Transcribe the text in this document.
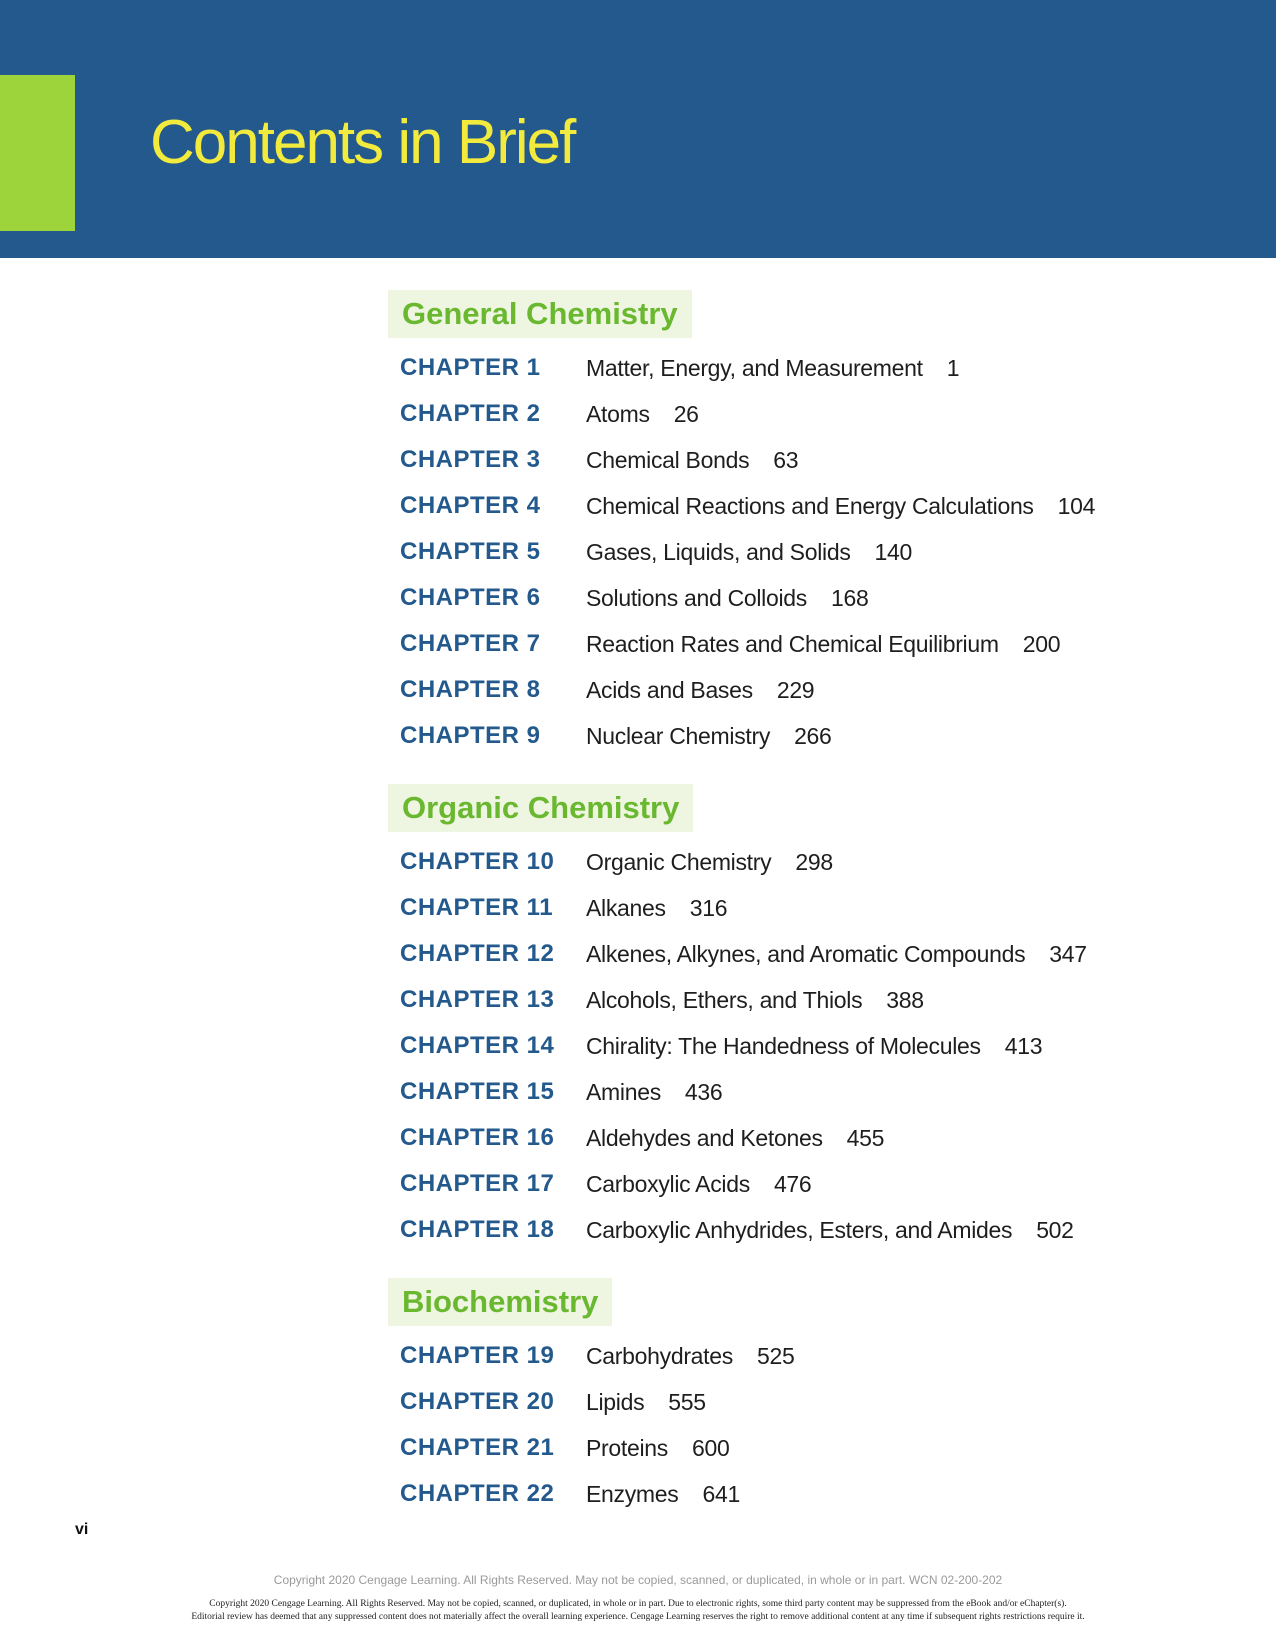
Contents in Brief
General Chemistry
CHAPTER 1 Matter, Energy, and Measurement 1
CHAPTER 2 Atoms 26
CHAPTER 3 Chemical Bonds 63
CHAPTER 4 Chemical Reactions and Energy Calculations 104
CHAPTER 5 Gases, Liquids, and Solids 140
CHAPTER 6 Solutions and Colloids 168
CHAPTER 7 Reaction Rates and Chemical Equilibrium 200
CHAPTER 8 Acids and Bases 229
CHAPTER 9 Nuclear Chemistry 266
Organic Chemistry
CHAPTER 10 Organic Chemistry 298
CHAPTER 11 Alkanes 316
CHAPTER 12 Alkenes, Alkynes, and Aromatic Compounds 347
CHAPTER 13 Alcohols, Ethers, and Thiols 388
CHAPTER 14 Chirality: The Handedness of Molecules 413
CHAPTER 15 Amines 436
CHAPTER 16 Aldehydes and Ketones 455
CHAPTER 17 Carboxylic Acids 476
CHAPTER 18 Carboxylic Anhydrides, Esters, and Amides 502
Biochemistry
CHAPTER 19 Carbohydrates 525
CHAPTER 20 Lipids 555
CHAPTER 21 Proteins 600
CHAPTER 22 Enzymes 641
vi
Copyright 2020 Cengage Learning. All Rights Reserved. May not be copied, scanned, or duplicated, in whole or in part. WCN 02-200-202
Copyright 2020 Cengage Learning. All Rights Reserved. May not be copied, scanned, or duplicated, in whole or in part. Due to electronic rights, some third party content may be suppressed from the eBook and/or eChapter(s).
Editorial review has deemed that any suppressed content does not materially affect the overall learning experience. Cengage Learning reserves the right to remove additional content at any time if subsequent rights restrictions require it.
